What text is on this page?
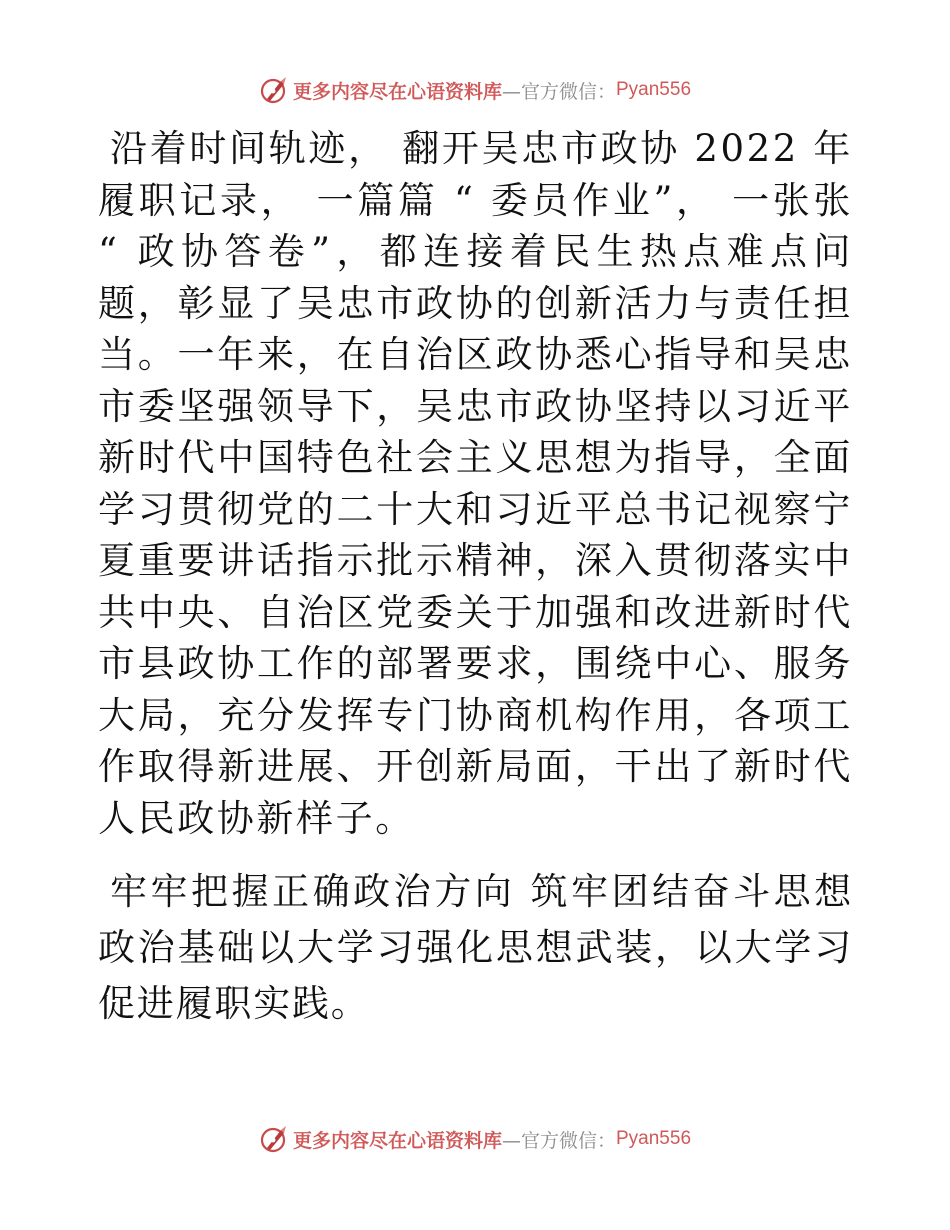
更多内容尽在心语资料库 —官方微信： Pyan556

沿着时间轨迹， 翻开吴忠市政协 2022 年履职记录， 一篇篇 “ 委员作业”， 一张张 “ 政协答卷”，都连接着民生热点难点问题，彰显了吴忠市政协的创新活力与责任担当。一年来，在自治区政协悉心指导和吴忠市委坚强领导下，吴忠市政协坚持以习近平新时代中国特色社会主义思想为指导，全面学习贯彻党的二十大和习近平总书记视察宁夏重要讲话指示批示精神，深入贯彻落实中共中央、自治区党委关于加强和改进新时代市县政协工作的部署要求，围绕中心、服务大局，充分发挥专门协商机构作用，各项工作取得新进展、开创新局面，干出了新时代人民政协新样子。

牢牢把握正确政治方向 筑牢团结奋斗思想政治基础以大学习强化思想武装，以大学习促进履职实践。

更多内容尽在心语资料库 —官方微信： Pyan556
